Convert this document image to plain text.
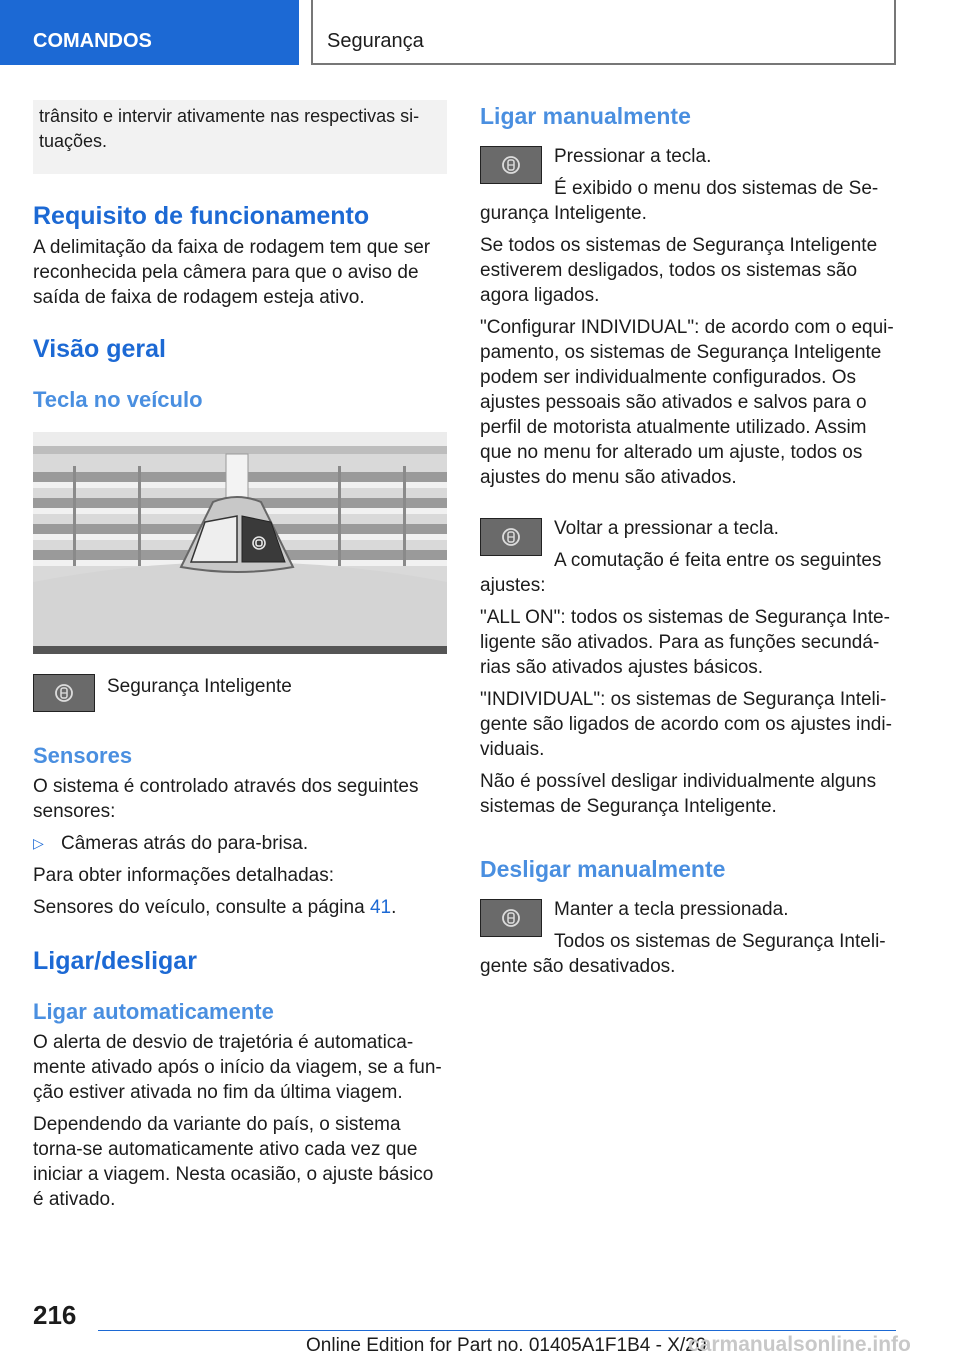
COMANDOS	Segurança

trânsito e intervir ativamente nas respectivas situações.

Requisito de funcionamento

A delimitação da faixa de rodagem tem que ser reconhecida pela câmera para que o aviso de saída de faixa de rodagem esteja ativo.

Visão geral
Tecla no veículo

Segurança Inteligente

Sensores

O sistema é controlado através dos seguintes sensores:

▷ Câmeras atrás do para-brisa.

Para obter informações detalhadas:

Sensores do veículo, consulte a página 41.

Ligar/desligar
Ligar automaticamente

O alerta de desvio de trajetória é automaticamente ativado após o início da viagem, se a função estiver ativada no fim da última viagem.

Dependendo da variante do país, o sistema torna-se automaticamente ativo cada vez que iniciar a viagem. Nesta ocasião, o ajuste básico é ativado.

Ligar manualmente

Pressionar a tecla.

É exibido o menu dos sistemas de Segurança Inteligente.

Se todos os sistemas de Segurança Inteligente estiverem desligados, todos os sistemas são agora ligados.

"Configurar INDIVIDUAL": de acordo com o equipamento, os sistemas de Segurança Inteligente podem ser individualmente configurados. Os ajustes pessoais são ativados e salvos para o perfil de motorista atualmente utilizado. Assim que no menu for alterado um ajuste, todos os ajustes do menu são ativados.

Voltar a pressionar a tecla.

A comutação é feita entre os seguintes ajustes:

"ALL ON": todos os sistemas de Segurança Inteligente são ativados. Para as funções secundárias são ativados ajustes básicos.

"INDIVIDUAL": os sistemas de Segurança Inteligente são ligados de acordo com os ajustes individuais.

Não é possível desligar individualmente alguns sistemas de Segurança Inteligente.

Desligar manualmente

Manter a tecla pressionada.

Todos os sistemas de Segurança Inteligente são desativados.

216
Online Edition for Part no. 01405A1F1B4 - X/20
carmanualsonline.info
